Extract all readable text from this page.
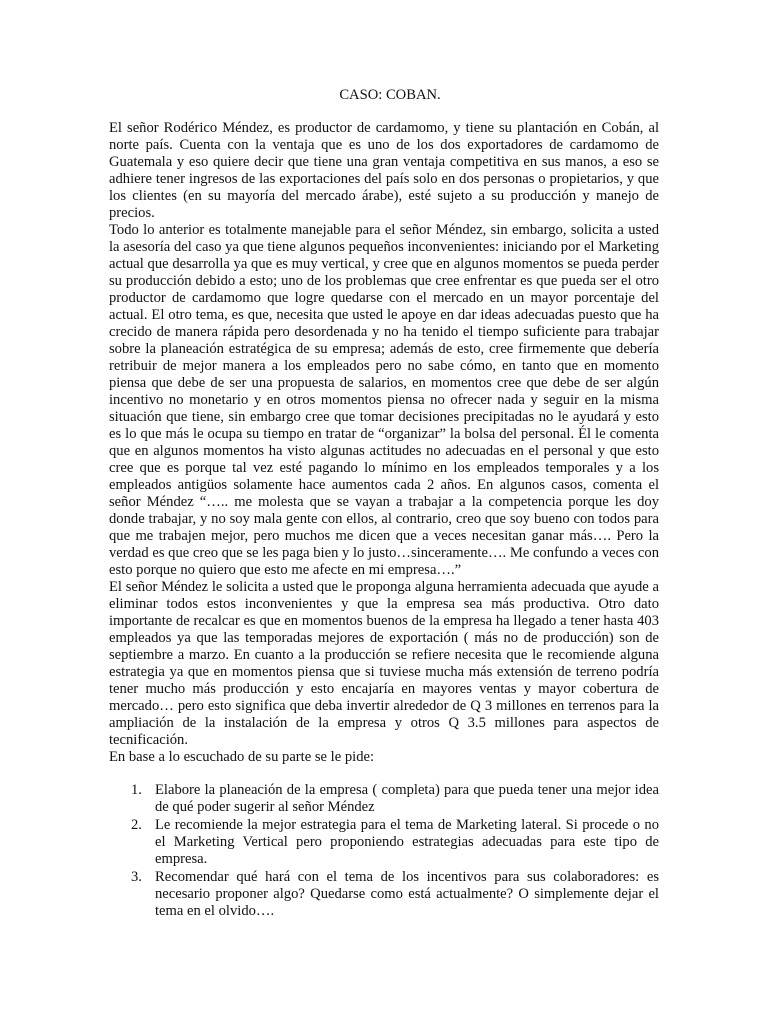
CASO: COBAN.

El señor Rodérico Méndez, es productor de cardamomo, y tiene su plantación en Cobán, al norte país. Cuenta con la ventaja que es uno de los dos exportadores de cardamomo de Guatemala y eso quiere decir que tiene una gran ventaja competitiva en sus manos, a eso se adhiere tener ingresos de las exportaciones del país solo en dos personas o propietarios, y que los clientes (en su mayoría del mercado árabe), esté sujeto a su producción y manejo de precios.

Todo lo anterior es totalmente manejable para el señor Méndez, sin embargo, solicita a usted la asesoría del caso ya que tiene algunos pequeños inconvenientes: iniciando por el Marketing actual que desarrolla ya que es muy vertical, y cree que en algunos momentos se pueda perder su producción debido a esto; uno de los problemas que cree enfrentar es que pueda ser el otro productor de cardamomo que logre quedarse con el mercado en un mayor porcentaje del actual. El otro tema, es que, necesita que usted le apoye en dar ideas adecuadas puesto que ha crecido de manera rápida pero desordenada y no ha tenido el tiempo suficiente para trabajar sobre la planeación estratégica de su empresa; además de esto, cree firmemente que debería retribuir de mejor manera a los empleados pero no sabe cómo, en tanto que en momento piensa que debe de ser una propuesta de salarios, en momentos cree que debe de ser algún incentivo no monetario y en otros momentos piensa no ofrecer nada y seguir en la misma situación que tiene, sin embargo cree que tomar decisiones precipitadas no le ayudará y esto es lo que más le ocupa su tiempo en tratar de “organizar” la bolsa del personal. Él le comenta que en algunos momentos ha visto algunas actitudes no adecuadas en el personal y que esto cree que es porque tal vez esté pagando lo mínimo en los empleados temporales y a los empleados antigüos solamente hace aumentos cada 2 años. En algunos casos, comenta el señor Méndez “….. me molesta que se vayan a trabajar a la competencia porque les doy donde trabajar, y no soy mala gente con ellos, al contrario, creo que soy bueno con todos para que me trabajen mejor, pero muchos me dicen que a veces necesitan ganar más…. Pero la verdad es que creo que se les paga bien y lo justo…sinceramente…. Me confundo a veces con esto porque no quiero que esto me afecte en mi empresa….”

El señor Méndez le solicita a usted que le proponga alguna herramienta adecuada que ayude a eliminar todos estos inconvenientes y que la empresa sea más productiva. Otro dato importante de recalcar es que en momentos buenos de la empresa ha llegado a tener hasta 403 empleados ya que las temporadas mejores de exportación ( más no de producción) son de septiembre a marzo. En cuanto a la producción se refiere necesita que le recomiende alguna estrategia ya que en momentos piensa que si tuviese mucha más extensión de terreno podría tener mucho más producción y esto encajaría en mayores ventas y mayor cobertura de mercado… pero esto significa que deba invertir alrededor de Q 3 millones en terrenos para la ampliación de la instalación de la empresa y otros Q 3.5 millones para aspectos de tecnificación.

En base a lo escuchado de su parte se le pide:

1. Elabore la planeación de la empresa ( completa) para que pueda tener una mejor idea de qué poder sugerir al señor Méndez
2. Le recomiende la mejor estrategia para el tema de Marketing lateral. Si procede o no el Marketing Vertical pero proponiendo estrategias adecuadas para este tipo de empresa.
3. Recomendar qué hará con el tema de los incentivos para sus colaboradores: es necesario proponer algo? Quedarse como está actualmente? O simplemente dejar el tema en el olvido….
